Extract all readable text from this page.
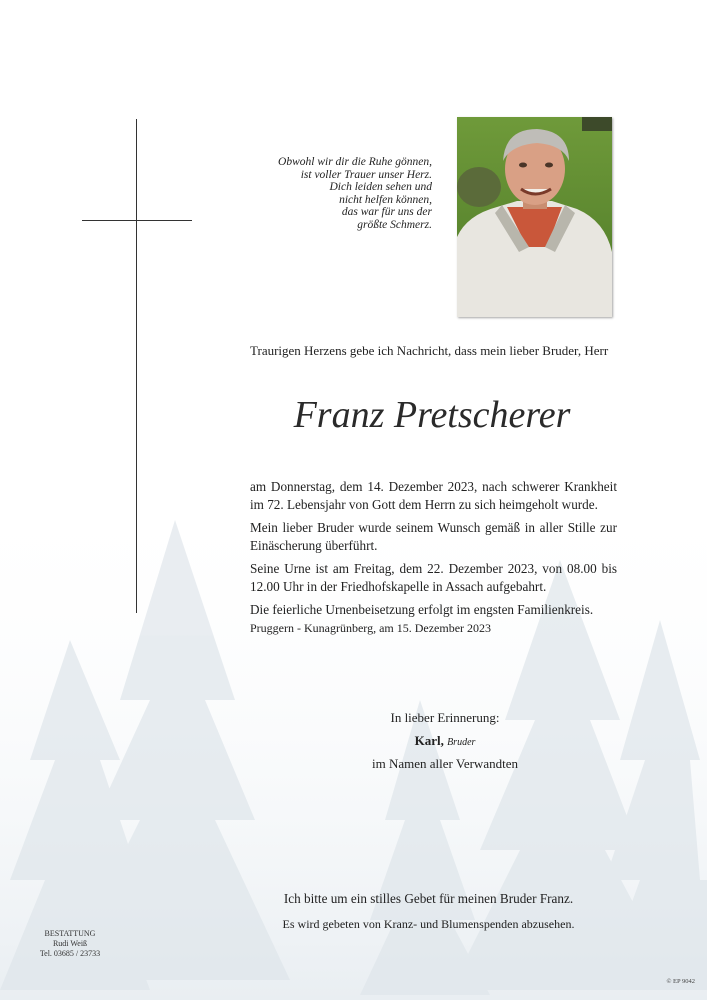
Obwohl wir dir die Ruhe gönnen,
ist voller Trauer unser Herz.
Dich leiden sehen und
nicht helfen können,
das war für uns der
größte Schmerz.
Traurigen Herzens gebe ich Nachricht, dass mein lieber Bruder, Herr
Franz Pretscherer

am Donnerstag, dem 14. Dezember 2023, nach schwerer Krankheit im 72. Lebensjahr von Gott dem Herrn zu sich heimgeholt wurde.

Mein lieber Bruder wurde seinem Wunsch gemäß in aller Stille zur Einäscherung überführt.

Seine Urne ist am Freitag, dem 22. Dezember 2023, von 08.00 bis 12.00 Uhr in der Friedhofskapelle in Assach aufgebahrt.

Die feierliche Urnenbeisetzung erfolgt im engsten Familienkreis.

Pruggern - Kunagrünberg, am 15. Dezember 2023
In lieber Erinnerung:
Karl, Bruder
im Namen aller Verwandten
Ich bitte um ein stilles Gebet für meinen Bruder Franz.
Es wird gebeten von Kranz- und Blumenspenden abzusehen.
BESTATTUNG
Rudi Weiß
Tel. 03685 / 23733
© EP 9042
